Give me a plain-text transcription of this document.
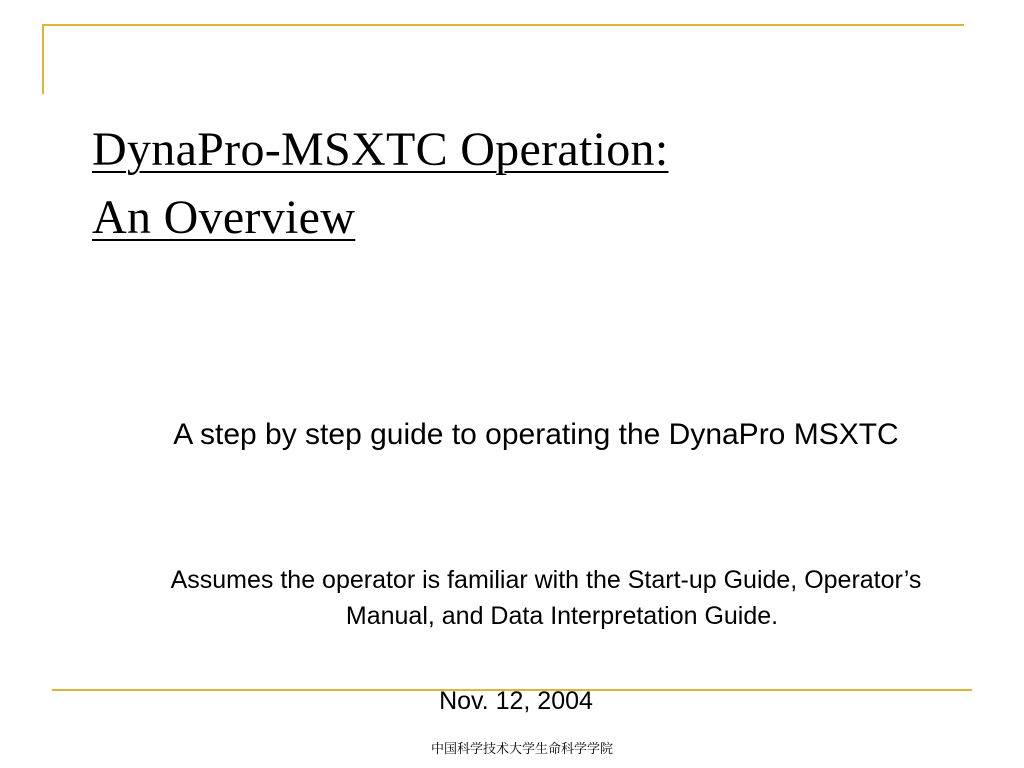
DynaPro-MSXTC Operation:
An Overview

A step by step guide to operating the DynaPro MSXTC

Assumes the operator is familiar with the Start-up Guide, Operator’s Manual, and Data Interpretation Guide.

Nov. 12, 2004

中国科学技术大学生命科学学院
